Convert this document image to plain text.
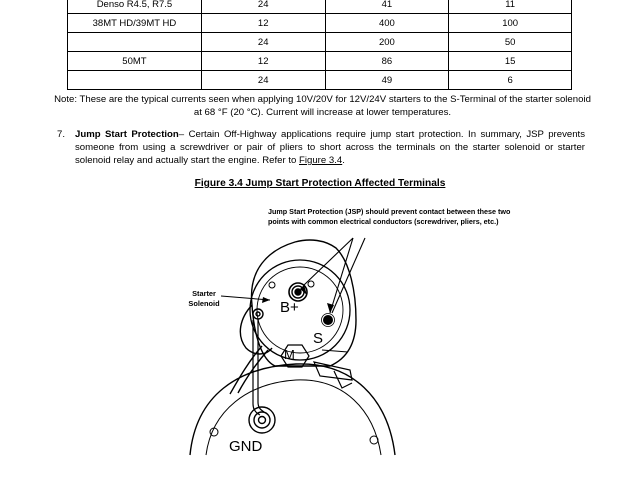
Denso R4.5, R7.5	24	41	11
38MT HD/39MT HD	12	400	100
	24	200	50
50MT	12	86	15
	24	49	6
Note: These are the typical currents seen when applying 10V/20V for 12V/24V starters to the S-Terminal of the starter solenoid at 68 °F (20 °C). Current will increase at lower temperatures.
7. Jump Start Protection– Certain Off-Highway applications require jump start protection. In summary, JSP prevents someone from using a screwdriver or pair of pliers to short across the terminals on the starter solenoid or starter solenoid relay and actually start the engine. Refer to Figure 3.4.
Figure 3.4 Jump Start Protection Affected Terminals
Jump Start Protection (JSP) should prevent contact between these two points with common electrical conductors (screwdriver, pliers, etc.)
Starter Solenoid	B+
S
M
GND
